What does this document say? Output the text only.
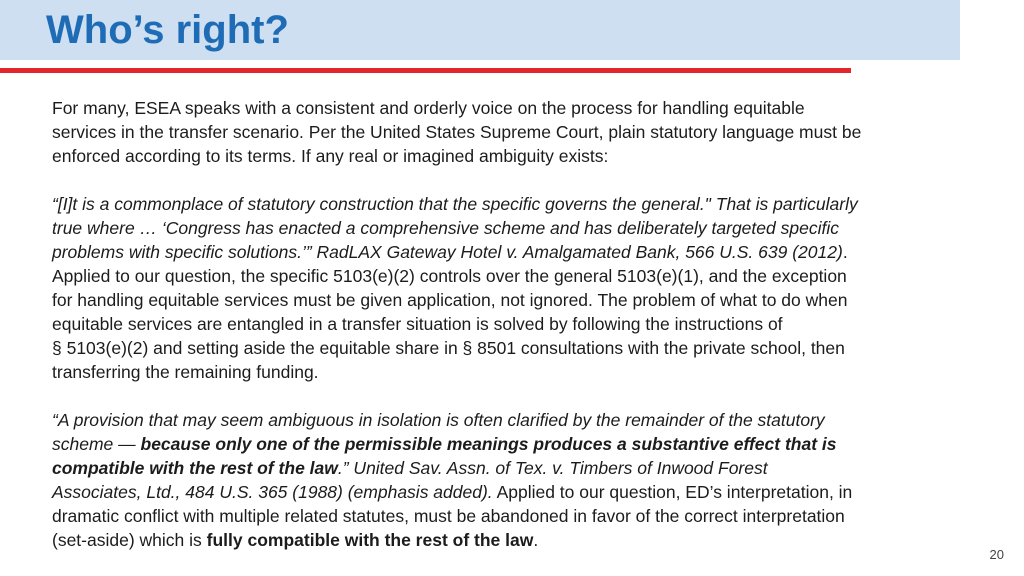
Who’s right?

For many, ESEA speaks with a consistent and orderly voice on the process for handling equitable
services in the transfer scenario. Per the United States Supreme Court, plain statutory language must be
enforced according to its terms. If any real or imagined ambiguity exists:

“[I]t is a commonplace of statutory construction that the specific governs the general." That is particularly
true where … ‘Congress has enacted a comprehensive scheme and has deliberately targeted specific
problems with specific solutions.’” RadLAX Gateway Hotel v. Amalgamated Bank, 566 U.S. 639 (2012).
Applied to our question, the specific 5103(e)(2) controls over the general 5103(e)(1), and the exception
for handling equitable services must be given application, not ignored. The problem of what to do when
equitable services are entangled in a transfer situation is solved by following the instructions of
§ 5103(e)(2) and setting aside the equitable share in § 8501 consultations with the private school, then
transferring the remaining funding.

“A provision that may seem ambiguous in isolation is often clarified by the remainder of the statutory
scheme — because only one of the permissible meanings produces a substantive effect that is
compatible with the rest of the law.” United Sav. Assn. of Tex. v. Timbers of Inwood Forest
Associates, Ltd., 484 U.S. 365 (1988) (emphasis added). Applied to our question, ED’s interpretation, in
dramatic conflict with multiple related statutes, must be abandoned in favor of the correct interpretation
(set-aside) which is fully compatible with the rest of the law.

20
